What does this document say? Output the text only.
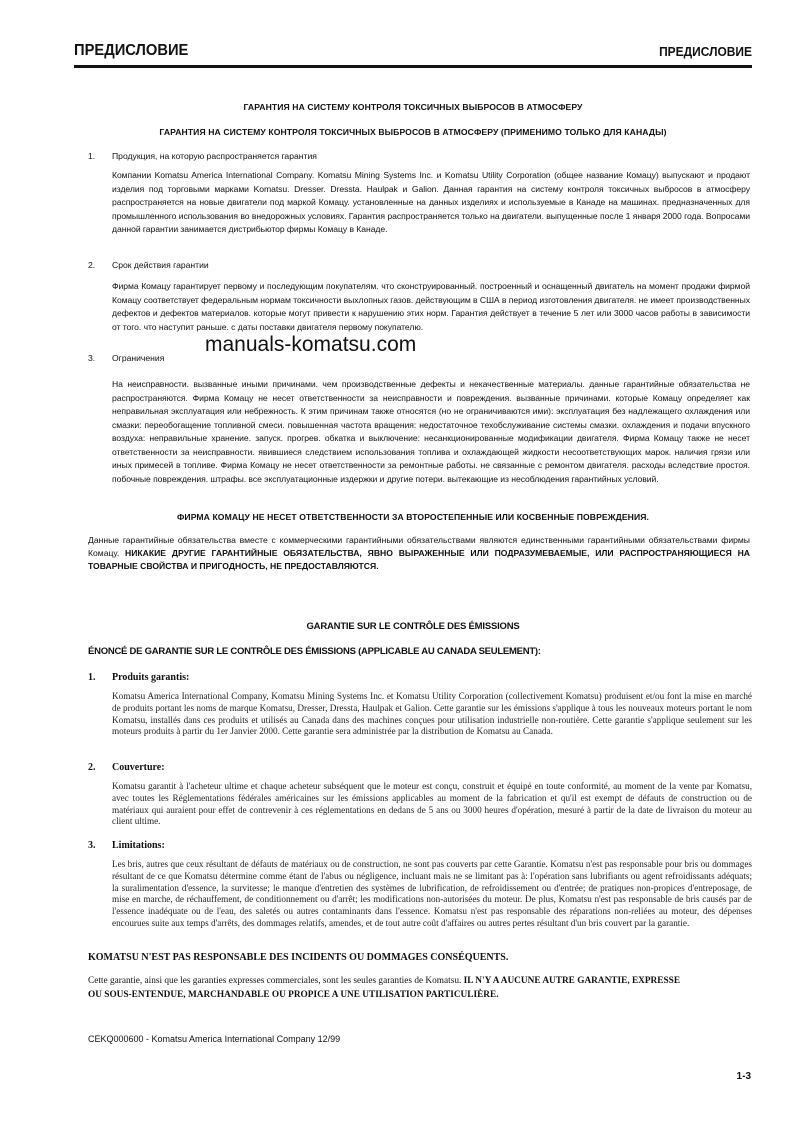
ПРЕДИСЛОВИЕ	ПРЕДИСЛОВИЕ
ГАРАНТИЯ НА СИСТЕМУ КОНТРОЛЯ ТОКСИЧНЫХ ВЫБРОСОВ В АТМОСФЕРУ
ГАРАНТИЯ НА СИСТЕМУ КОНТРОЛЯ ТОКСИЧНЫХ ВЫБРОСОВ В АТМОСФЕРУ (ПРИМЕНИМО ТОЛЬКО ДЛЯ КАНАДЫ)
1. Продукция, на которую распространяется гарантия
Компании Komatsu America International Company. Komatsu Mining Systems Inc. и Komatsu Utility Corporation (общее название Комацу) выпускают и продают изделия под торговыми марками Komatsu. Dresser. Dressta. Haulpak и Galion. Данная гарантия на систему контроля токсичных выбросов в атмосферу распространяется на новые двигатели под маркой Комацу. установленные на данных изделиях и используемые в Канаде на машинах. предназначенных для промышленного использования во внедорожных условиях. Гарантия распространяется только на двигатели. выпущенные после 1 января 2000 года. Вопросами данной гарантии занимается дистрибьютор фирмы Комацу в Канаде.
2. Срок действия гарантии
Фирма Комацу гарантирует первому и последующим покупателям. что сконструированный. построенный и оснащенный двигатель на момент продажи фирмой Комацу соответствует федеральным нормам токсичности выхлопных газов. действующим в США в период изготовления двигателя. не имеет производственных дефектов и дефектов материалов. которые могут привести к нарушению этих норм. Гарантия действует в течение 5 лет или 3000 часов работы в зависимости от того. что наступит раньше. с даты поставки двигателя первому покупателю.
manuals-komatsu.com
3. Ограничения
На неисправности. вызванные иными причинами. чем производственные дефекты и некачественные материалы. данные гарантийные обязательства не распространяются. Фирма Комацу не несет ответственности за неисправности и повреждения. вызванные причинами. которые Комацу определяет как неправильная эксплуатация или небрежность. К этим причинам также относятся (но не ограничиваются ими): эксплуатация без надлежащего охлаждения или смазки: переобогащение топливной смеси. повышенная частота вращения: недостаточное техобслуживание системы смазки. охлаждения и подачи впускного воздуха: неправильные хранение. запуск. прогрев. обкатка и выключение: несанкционированные модификации двигателя. Фирма Комацу также не несет ответственности за неисправности. явившиеся следствием использования топлива и охлаждающей жидкости несоответствующих марок. наличия грязи или иных примесей в топливе. Фирма Комацу не несет ответственности за ремонтные работы. не связанные с ремонтом двигателя. расходы вследствие простоя. побочные повреждения. штрафы. все эксплуатационные издержки и другие потери. вытекающие из несоблюдения гарантийных условий.
ФИРМА КОМАЦУ НЕ НЕСЕТ ОТВЕТСТВЕННОСТИ ЗА ВТОРОСТЕПЕННЫЕ ИЛИ КОСВЕННЫЕ ПОВРЕЖДЕНИЯ.
Данные гарантийные обязательства вместе с коммерческими гарантийными обязательствами являются единственными гарантийными обязательствами фирмы Комацу. НИКАКИЕ ДРУГИЕ ГАРАНТИЙНЫЕ ОБЯЗАТЕЛЬСТВА, ЯВНО ВЫРАЖЕННЫЕ ИЛИ ПОДРАЗУМЕВАЕМЫЕ, ИЛИ РАСПРОСТРАНЯЮЩИЕСЯ НА ТОВАРНЫЕ СВОЙСТВА И ПРИГОДНОСТЬ, НЕ ПРЕДОСТАВЛЯЮТСЯ.
GARANTIE SUR LE CONTRÔLE DES ÉMISSIONS
ÉNONCÉ DE GARANTIE SUR LE CONTRÔLE DES ÉMISSIONS (APPLICABLE AU CANADA SEULEMENT):
1. Produits garantis:
Komatsu America International Company, Komatsu Mining Systems Inc. et Komatsu Utility Corporation (collectivement Komatsu) produisent et/ou font la mise en marché de produits portant les noms de marque Komatsu, Dresser, Dressta, Haulpak et Galion. Cette garantie sur les émissions s'applique à tous les nouveaux moteurs portant le nom Komatsu, installés dans ces produits et utilisés au Canada dans des machines conçues pour utilisation industrielle non-routière. Cette garantie s'applique seulement sur les moteurs produits à partir du 1er Janvier 2000. Cette garantie sera administrée par la distribution de Komatsu au Canada.
2. Couverture:
Komatsu garantit à l'acheteur ultime et chaque acheteur subséquent que le moteur est conçu, construit et équipé en toute conformité, au moment de la vente par Komatsu, avec toutes les Réglementations fédérales américaines sur les émissions applicables au moment de la fabrication et qu'il est exempt de défauts de construction ou de matériaux qui auraient pour effet de contrevenir à ces réglementations en dedans de 5 ans ou 3000 heures d'opération, mesuré à partir de la date de livraison du moteur au client ultime.
3. Limitations:
Les bris, autres que ceux résultant de défauts de matériaux ou de construction, ne sont pas couverts par cette Garantie. Komatsu n'est pas responsable pour bris ou dommages résultant de ce que Komatsu détermine comme étant de l'abus ou négligence, incluant mais ne se limitant pas à: l'opération sans lubrifiants ou agent refroidissants adéquats; la suralimentation d'essence, la survitesse; le manque d'entretien des systèmes de lubrification, de refroidissement ou d'entrée; de pratiques non-propices d'entreposage, de mise en marche, de réchauffement, de conditionnement ou d'arrêt; les modifications non-autorisées du moteur. De plus, Komatsu n'est pas responsable de bris causés par de l'essence inadéquate ou de l'eau, des saletés ou autres contaminants dans l'essence. Komatsu n'est pas responsable des réparations non-reliées au moteur, des dépenses encourues suite aux temps d'arrêts, des dommages relatifs, amendes, et de tout autre coût d'affaires ou autres pertes résultant d'un bris couvert par la garantie.
KOMATSU N'EST PAS RESPONSABLE DES INCIDENTS OU DOMMAGES CONSÉQUENTS.
Cette garantie, ainsi que les garanties expresses commerciales, sont les seules garanties de Komatsu. IL N'Y A AUCUNE AUTRE GARANTIE, EXPRESSE OU SOUS-ENTENDUE, MARCHANDABLE OU PROPICE A UNE UTILISATION PARTICULIÈRE.
CEKQ000600 - Komatsu America International Company 12/99
1-3
